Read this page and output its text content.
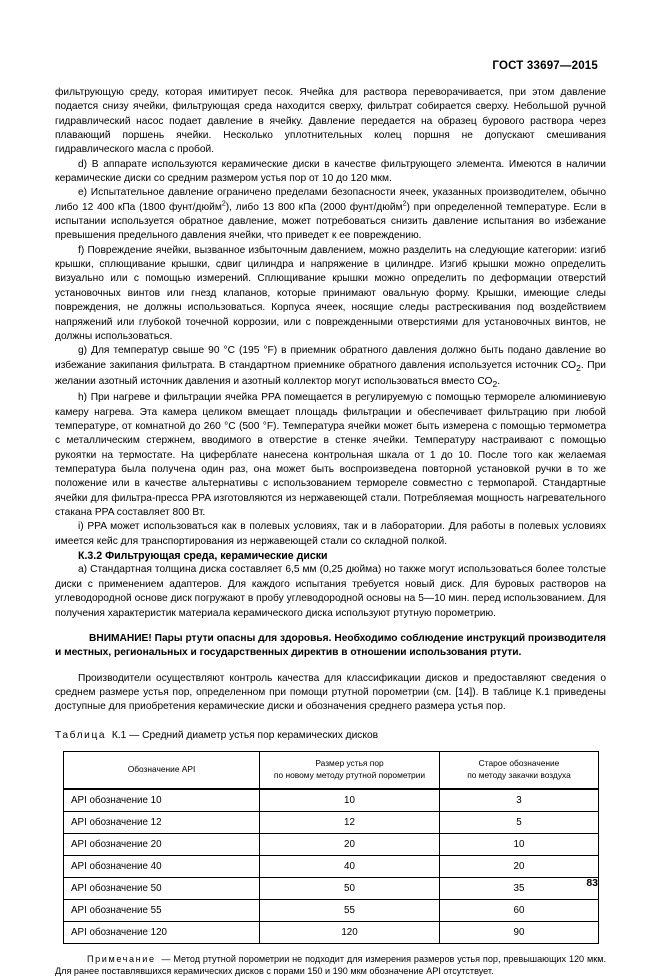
ГОСТ 33697—2015

фильтрующую среду, которая имитирует песок. Ячейка для раствора переворачивается, при этом давление подается снизу ячейки, фильтрующая среда находится сверху, фильтрат собирается сверху. Небольшой ручной гидравлический насос подает давление в ячейку. Давление передается на образец бурового раствора через плавающий поршень ячейки. Несколько уплотнительных колец поршня не допускают смешивания гидравлического масла с пробой.

d) В аппарате используются керамические диски в качестве фильтрующего элемента. Имеются в наличии керамические диски со средним размером устья пор от 10 до 120 мкм.

e) Испытательное давление ограничено пределами безопасности ячеек, указанных производителем, обычно либо 12 400 кПа (1800 фунт/дюйм$^2$), либо 13 800 кПа (2000 фунт/дюйм$^2$) при определенной температуре. Если в испытании используется обратное давление, может потребоваться снизить давление испытания во избежание превышения предельного давления ячейки, что приведет к ее повреждению.

f) Повреждение ячейки, вызванное избыточным давлением, можно разделить на следующие категории: изгиб крышки, сплющивание крышки, сдвиг цилиндра и напряжение в цилиндре. Изгиб крышки можно определить визуально или с помощью измерений. Сплющивание крышки можно определить по деформации отверстий установочных винтов или гнезд клапанов, которые принимают овальную форму. Крышки, имеющие следы повреждения, не должны использоваться. Корпуса ячеек, носящие следы растрескивания под воздействием напряжений или глубокой точечной коррозии, или с поврежденными отверстиями для установочных винтов, не должны использоваться.

g) Для температур свыше 90 °С (195 °F) в приемник обратного давления должно быть подано давление во избежание закипания фильтрата. В стандартном приемнике обратного давления используется источник $СО_2$. При желании азотный источник давления и азотный коллектор могут использоваться вместо $СО_2$.

h) При нагреве и фильтрации ячейка PPA помещается в регулируемую с помощью термореле алюминиевую камеру нагрева. Эта камера целиком вмещает площадь фильтрации и обеспечивает фильтрацию при любой температуре, от комнатной до 260 °С (500 °F). Температура ячейки может быть измерена с помощью термометра с металлическим стержнем, вводимого в отверстие в стенке ячейки. Температуру настраивают с помощью рукоятки на термостате. На циферблате нанесена контрольная шкала от 1 до 10. После того как желаемая температура была получена один раз, она может быть воспроизведена повторной установкой ручки в то же положение или в качестве альтернативы с использованием термореле совместно с термопарой. Стандартные ячейки для фильтра-пресса PPA изготовляются из нержавеющей стали. Потребляемая мощность нагревательного стакана PPA составляет 800 Вт.

i) PPA может использоваться как в полевых условиях, так и в лаборатории. Для работы в полевых условиях имеется кейс для транспортирования из нержавеющей стали со складной полкой.

К.3.2 Фильтрующая среда, керамические диски

a) Стандартная толщина диска составляет 6,5 мм (0,25 дюйма) но также могут использоваться более толстые диски с применением адаптеров. Для каждого испытания требуется новый диск. Для буровых растворов на углеводородной основе диск погружают в пробу углеводородной основы на 5—10 мин. перед использованием. Для получения характеристик материала керамического диска используют ртутную порометрию.

ВНИМАНИЕ! Пары ртути опасны для здоровья. Необходимо соблюдение инструкций производителя и местных, региональных и государственных директив в отношении использования ртути.

Производители осуществляют контроль качества для классификации дисков и предоставляют сведения о среднем размере устья пор, определенном при помощи ртутной порометрии (см. [14]). В таблице К.1 приведены доступные для приобретения керамические диски и обозначения среднего размера устья пор.

Таблица К.1 — Средний диаметр устья пор керамических дисков

Обозначение API

Размер устья пор
по новому методу ртутной порометрии

Старое обозначение
по методу закачки воздуха

API обозначение 10	10	3
API обозначение 12	12	5
API обозначение 20	20	10
API обозначение 40	40	20
API обозначение 50	50	35
API обозначение 55	55	60
API обозначение 120	120	90

Примечание — Метод ртутной порометрии не подходит для измерения размеров устья пор, превышающих 120 мкм. Для ранее поставлявшихся керамических дисков с порами 150 и 190 мкм обозначение API отсутствует.

83
